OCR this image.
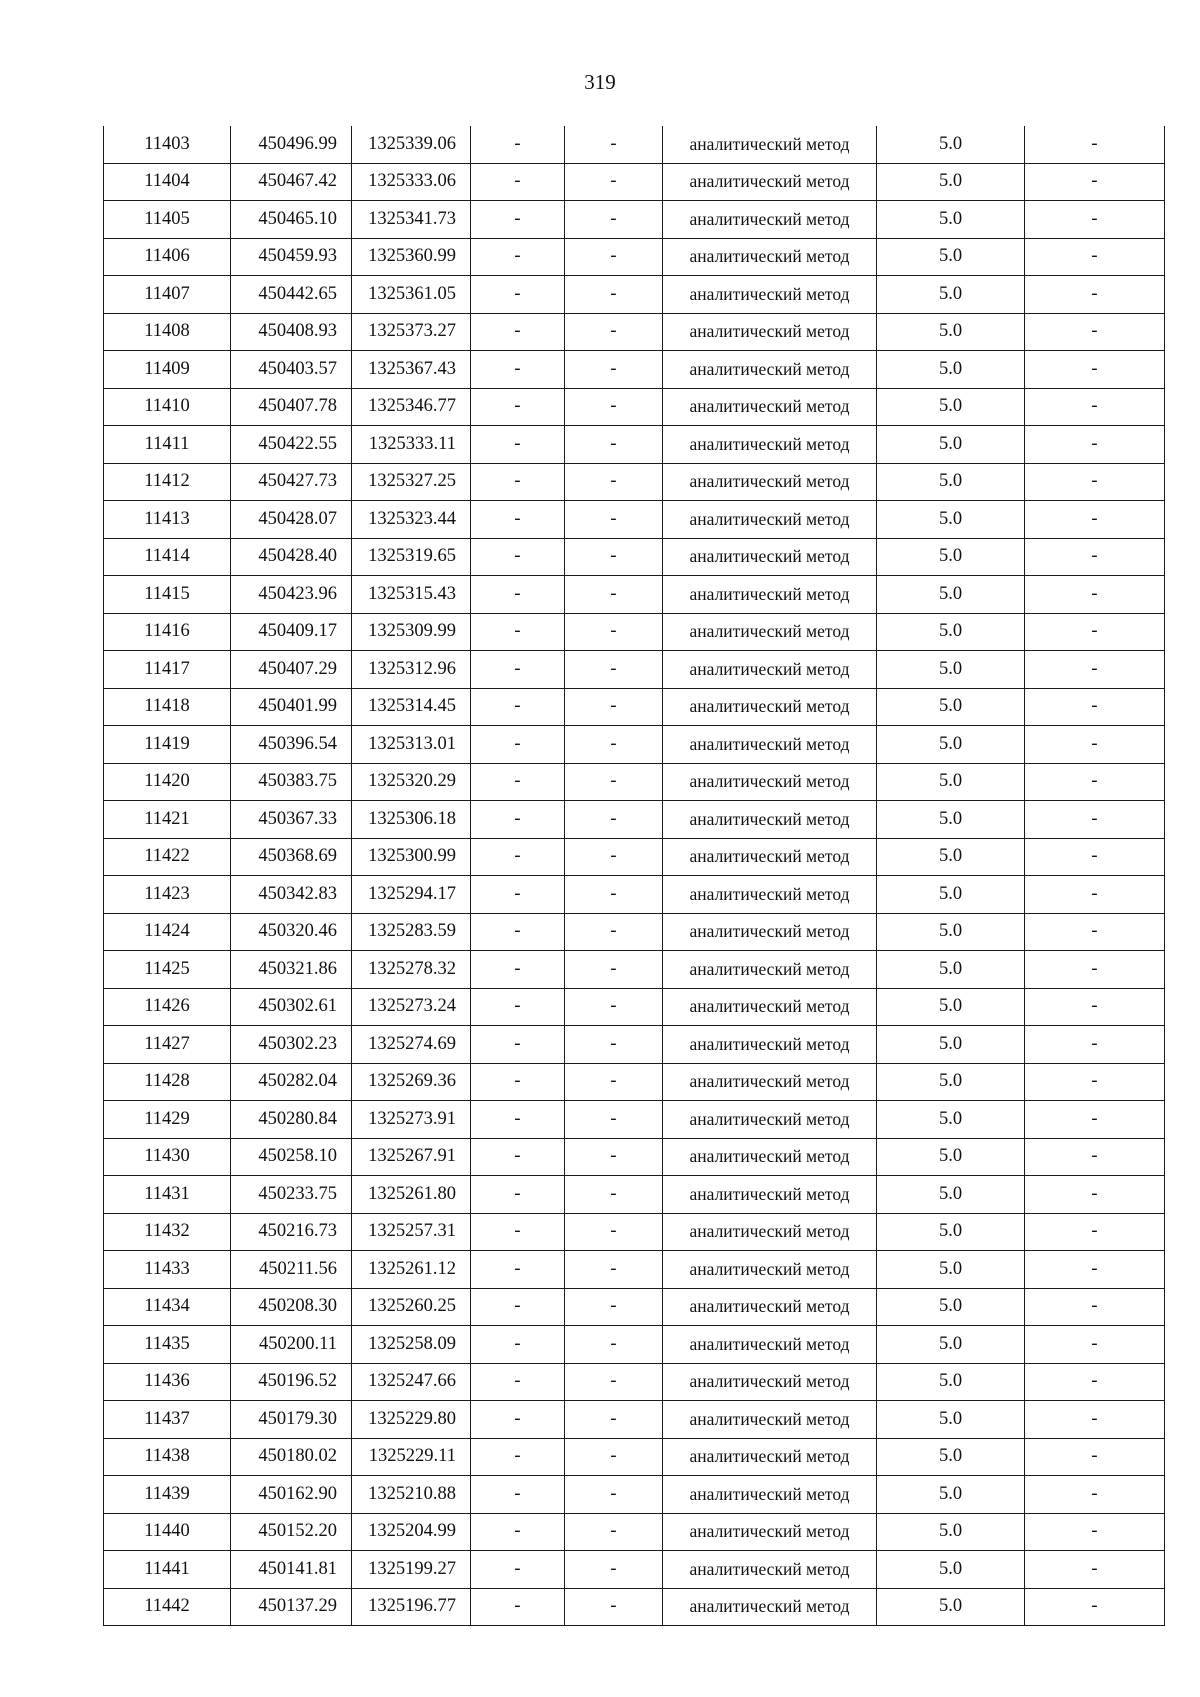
319
11403	450496.99	1325339.06	-	-	аналитический метод	5.0	-
11404	450467.42	1325333.06	-	-	аналитический метод	5.0	-
11405	450465.10	1325341.73	-	-	аналитический метод	5.0	-
11406	450459.93	1325360.99	-	-	аналитический метод	5.0	-
11407	450442.65	1325361.05	-	-	аналитический метод	5.0	-
11408	450408.93	1325373.27	-	-	аналитический метод	5.0	-
11409	450403.57	1325367.43	-	-	аналитический метод	5.0	-
11410	450407.78	1325346.77	-	-	аналитический метод	5.0	-
11411	450422.55	1325333.11	-	-	аналитический метод	5.0	-
11412	450427.73	1325327.25	-	-	аналитический метод	5.0	-
11413	450428.07	1325323.44	-	-	аналитический метод	5.0	-
11414	450428.40	1325319.65	-	-	аналитический метод	5.0	-
11415	450423.96	1325315.43	-	-	аналитический метод	5.0	-
11416	450409.17	1325309.99	-	-	аналитический метод	5.0	-
11417	450407.29	1325312.96	-	-	аналитический метод	5.0	-
11418	450401.99	1325314.45	-	-	аналитический метод	5.0	-
11419	450396.54	1325313.01	-	-	аналитический метод	5.0	-
11420	450383.75	1325320.29	-	-	аналитический метод	5.0	-
11421	450367.33	1325306.18	-	-	аналитический метод	5.0	-
11422	450368.69	1325300.99	-	-	аналитический метод	5.0	-
11423	450342.83	1325294.17	-	-	аналитический метод	5.0	-
11424	450320.46	1325283.59	-	-	аналитический метод	5.0	-
11425	450321.86	1325278.32	-	-	аналитический метод	5.0	-
11426	450302.61	1325273.24	-	-	аналитический метод	5.0	-
11427	450302.23	1325274.69	-	-	аналитический метод	5.0	-
11428	450282.04	1325269.36	-	-	аналитический метод	5.0	-
11429	450280.84	1325273.91	-	-	аналитический метод	5.0	-
11430	450258.10	1325267.91	-	-	аналитический метод	5.0	-
11431	450233.75	1325261.80	-	-	аналитический метод	5.0	-
11432	450216.73	1325257.31	-	-	аналитический метод	5.0	-
11433	450211.56	1325261.12	-	-	аналитический метод	5.0	-
11434	450208.30	1325260.25	-	-	аналитический метод	5.0	-
11435	450200.11	1325258.09	-	-	аналитический метод	5.0	-
11436	450196.52	1325247.66	-	-	аналитический метод	5.0	-
11437	450179.30	1325229.80	-	-	аналитический метод	5.0	-
11438	450180.02	1325229.11	-	-	аналитический метод	5.0	-
11439	450162.90	1325210.88	-	-	аналитический метод	5.0	-
11440	450152.20	1325204.99	-	-	аналитический метод	5.0	-
11441	450141.81	1325199.27	-	-	аналитический метод	5.0	-
11442	450137.29	1325196.77	-	-	аналитический метод	5.0	-
